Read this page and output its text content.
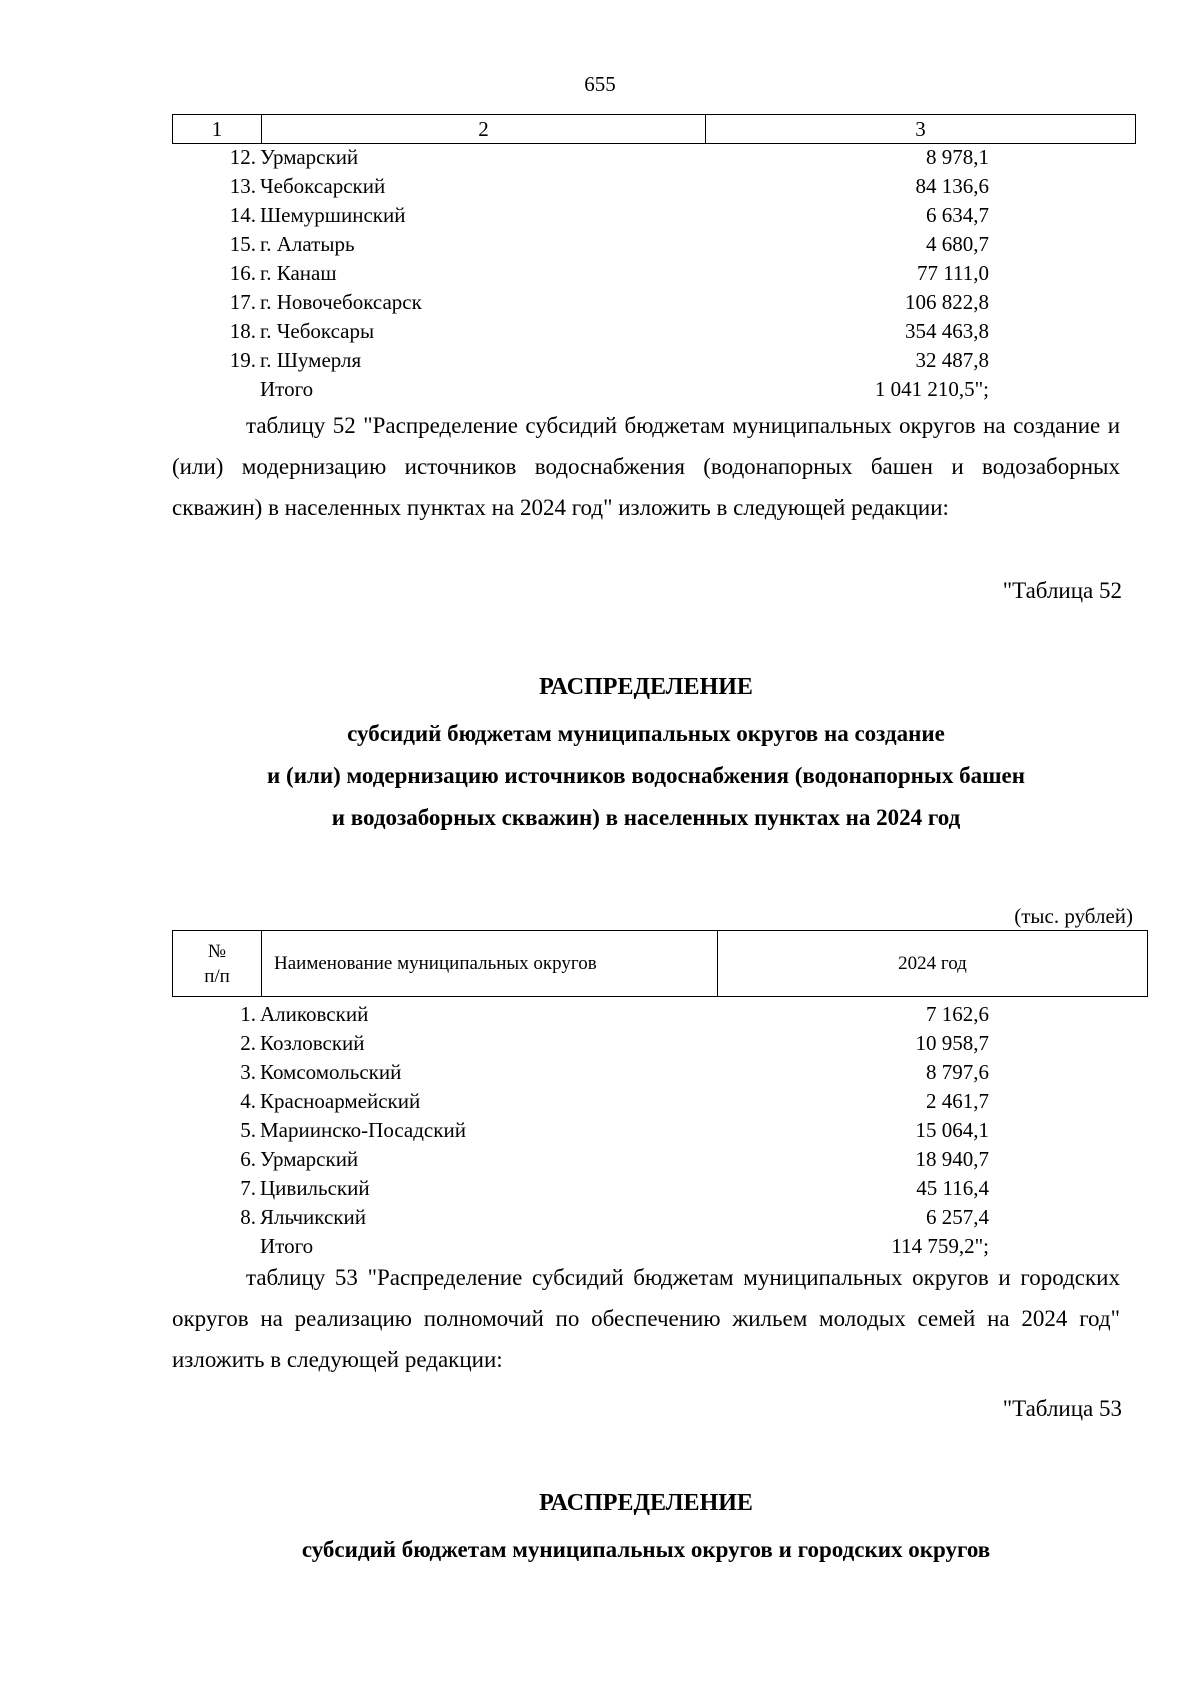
655
1	2	3
12. Урмарский	8 978,1
13. Чебоксарский	84 136,6
14. Шемуршинский	6 634,7
15. г. Алатырь	4 680,7
16. г. Канаш	77 111,0
17. г. Новочебоксарск	106 822,8
18. г. Чебоксары	354 463,8
19. г. Шумерля	32 487,8
Итого	1 041 210,5";

таблицу 52 "Распределение субсидий бюджетам муниципальных округов на создание и (или) модернизацию источников водоснабжения (водонапорных башен и водозаборных скважин) в населенных пунктах на 2024 год" изложить в следующей редакции:

"Таблица 52
РАСПРЕДЕЛЕНИЕ
субсидий бюджетам муниципальных округов на создание
и (или) модернизацию источников водоснабжения (водонапорных башен
и водозаборных скважин) в населенных пунктах на 2024 год
(тыс. рублей)
№
п/п
	Наименование муниципальных округов	2024 год
1. Аликовский	7 162,6
2. Козловский	10 958,7
3. Комсомольский	8 797,6
4. Красноармейский	2 461,7
5. Мариинско-Посадский	15 064,1
6. Урмарский	18 940,7
7. Цивильский	45 116,4
8. Яльчикский	6 257,4
Итого	114 759,2";

таблицу 53 "Распределение субсидий бюджетам муниципальных округов и городских округов на реализацию полномочий по обеспечению жильем молодых семей на 2024 год" изложить в следующей редакции:

"Таблица 53
РАСПРЕДЕЛЕНИЕ
субсидий бюджетам муниципальных округов и городских округов
